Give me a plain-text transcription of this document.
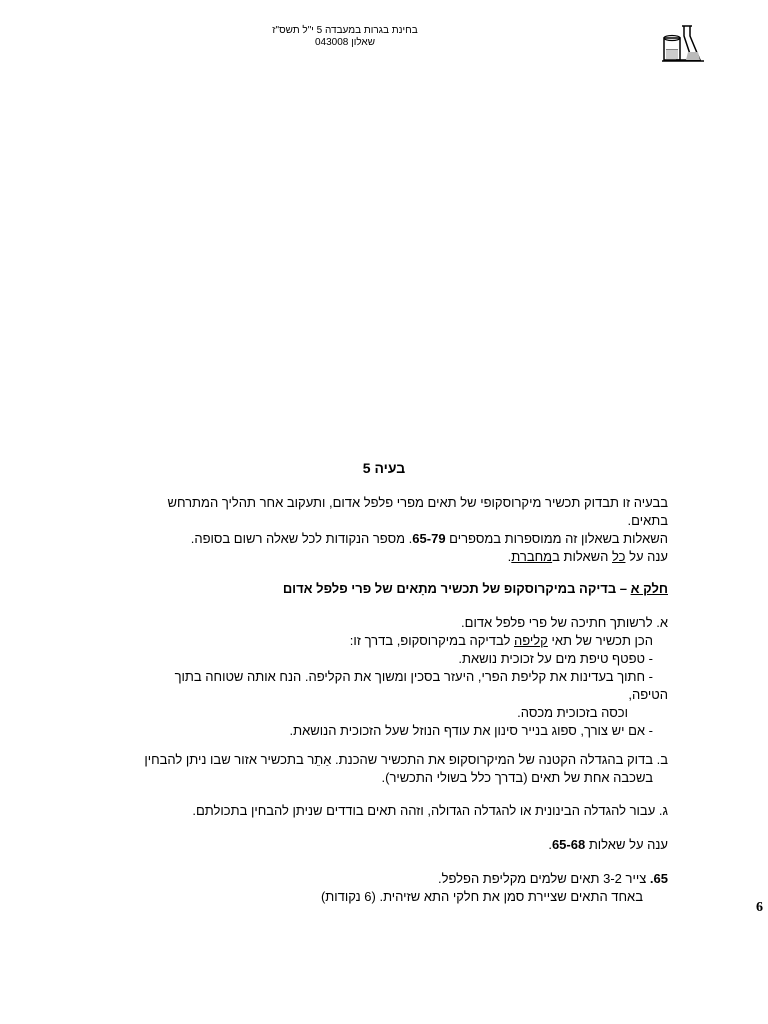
בחינת בגרות במעבדה 5 י"ל תשס"ז
שאלון 043008
בעיה 5

בבעיה זו תבדוק תכשיר מיקרוסקופי של תאים מפרי פלפל אדום, ותעקוב אחר תהליך המתרחש

בתאים.

השאלות בשאלון זה ממוספרות במספרים 65-79. מספר הנקודות לכל שאלה רשום בסופה.

ענה על כל השאלות במחברת.

חלק א – בדיקה במיקרוסקופ של תכשיר מתָאים של פרי פלפל אדום

א. לרשותך חתיכה של פרי פלפל אדום.

הכן תכשיר של תאי קליפה לבדיקה במיקרוסקופ, בדרך זו:

- טפטף טיפת מים על זכוכית נושאת.

- חתוך בעדינות את קליפת הפרי, היעזר בסכין ומשוך את הקליפה. הנח אותה שטוחה בתוך

הטיפה,

וכסה בזכוכית מכסה.

- אם יש צורך, ספוג בנייר סינון את עודף הנוזל שעל הזכוכית הנושאת.

ב. בדוק בהגדלה הקטנה של המיקרוסקופ את התכשיר שהכנת. אַתֵר בתכשיר אזור שבו ניתן להבחין

בשכבה אחת של תאים (בדרך כלל בשולי התכשיר).

ג. עבור להגדלה הבינונית או להגדלה הגדולה, וזהה תאים בודדים שניתן להבחין בתכולתם.

ענה על שאלות 65-68.

65. צייר 3-2 תאים שלמים מקליפת הפלפל.

באחד התאים שציירת סמן את חלקי התא שזיהית. (6 נקודות)

6
